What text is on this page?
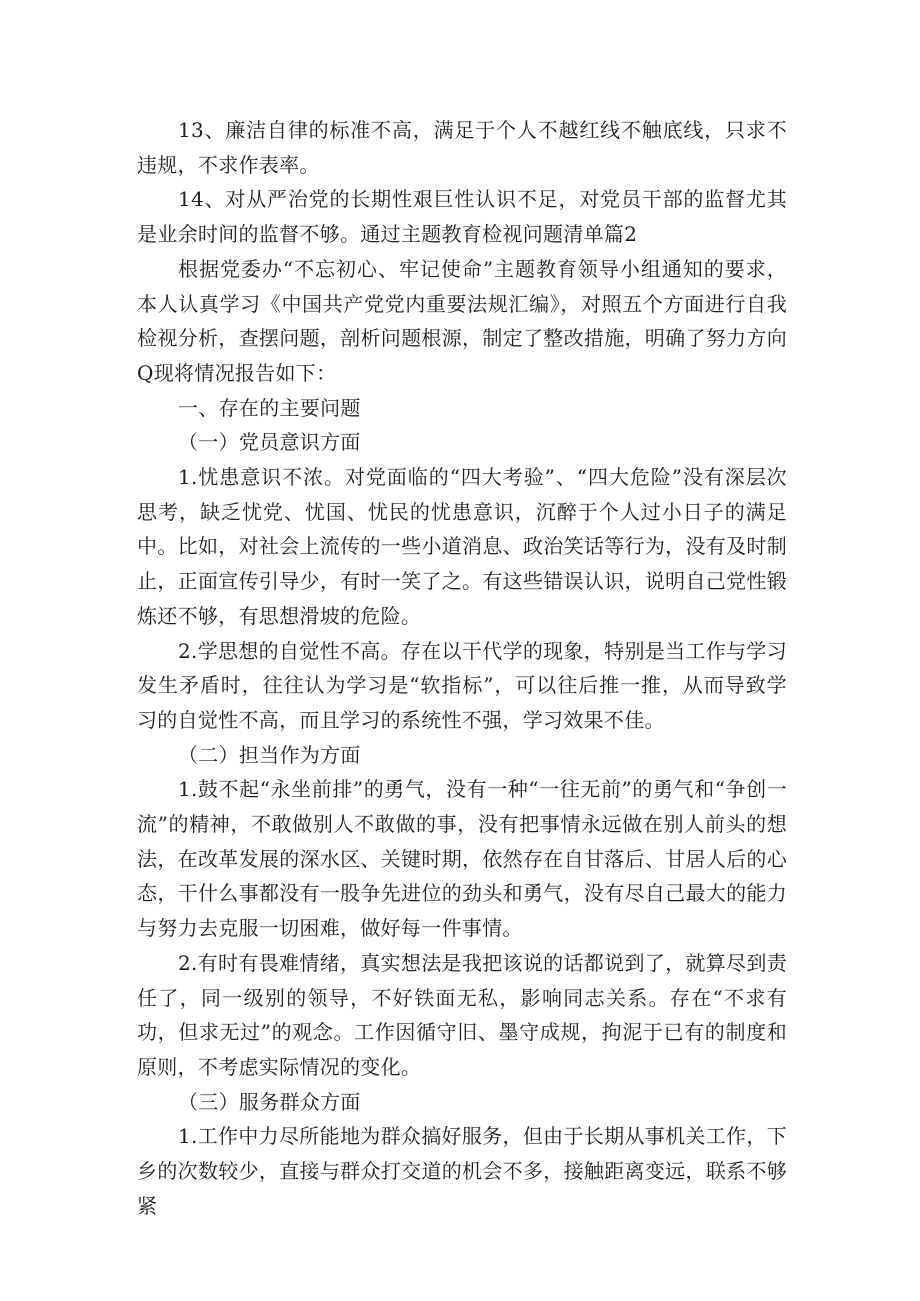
13、廉洁自律的标准不高，满足于个人不越红线不触底线，只求不违规，不求作表率。

14、对从严治党的长期性艰巨性认识不足，对党员干部的监督尤其是业余时间的监督不够。通过主题教育检视问题清单篇2

根据党委办“不忘初心、牢记使命”主题教育领导小组通知的要求，本人认真学习《中国共产党党内重要法规汇编》，对照五个方面进行自我检视分析，查摆问题，剖析问题根源，制定了整改措施，明确了努力方向Q现将情况报告如下：

一、存在的主要问题

（一）党员意识方面

1.忧患意识不浓。对党面临的“四大考验”、“四大危险”没有深层次思考，缺乏忧党、忧国、忧民的忧患意识，沉醉于个人过小日子的满足中。比如，对社会上流传的一些小道消息、政治笑话等行为，没有及时制止，正面宣传引导少，有时一笑了之。有这些错误认识，说明自己党性锻炼还不够，有思想滑坡的危险。

2.学思想的自觉性不高。存在以干代学的现象，特别是当工作与学习发生矛盾时，往往认为学习是“软指标”，可以往后推一推，从而导致学习的自觉性不高，而且学习的系统性不强，学习效果不佳。

（二）担当作为方面

1.鼓不起“永坐前排”的勇气，没有一种“一往无前”的勇气和“争创一流”的精神，不敢做别人不敢做的事，没有把事情永远做在别人前头的想法，在改革发展的深水区、关键时期，依然存在自甘落后、甘居人后的心态，干什么事都没有一股争先进位的劲头和勇气，没有尽自己最大的能力与努力去克服一切困难，做好每一件事情。

2.有时有畏难情绪，真实想法是我把该说的话都说到了，就算尽到责任了，同一级别的领导，不好铁面无私，影响同志关系。存在“不求有功，但求无过”的观念。工作因循守旧、墨守成规，拘泥于已有的制度和原则，不考虑实际情况的变化。

（三）服务群众方面

1.工作中力尽所能地为群众搞好服务，但由于长期从事机关工作，下乡的次数较少，直接与群众打交道的机会不多，接触距离变远，联系不够紧
